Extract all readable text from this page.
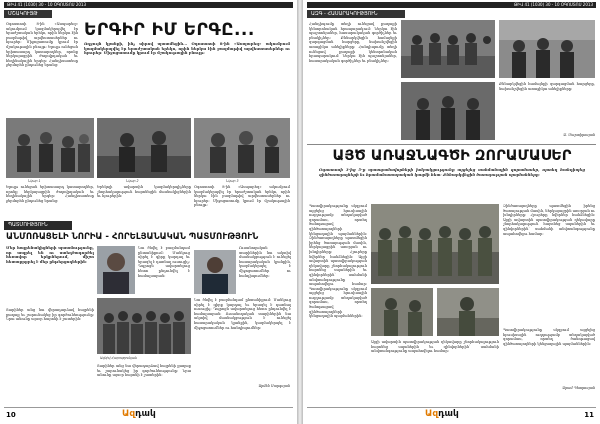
ԹԻՎ 41 (1030) 30 - 10 ՕԳՈՍՏՈՍ 2013
ՄՇԱԿՈՒՅԹ
Օգոստոսի 8-ին «Ասպարեզ» ակումբում կազմակերպվել էր երաժշտական երեկո, որին ներկա էին բազմաթիվ արվեստասերներ ու հյուրեր։ Միջոցառումը կրում էր մշակութային բնույթ։ Ելույթ ունեցան երիտասարդ կատարողներ, որոնք ներկայացրին ժողովրդական եւ հեղինակային երգեր։ Հանդիսատեսը ջերմորեն ընդունեց նրանց։
ԵՐԳԻՐ ԻՄ ԵՐԳԸ...
Ողջույն կյանքի, ինչ սիրով պատմեցին... Օգոստոսի 8-ին «Ասպարեզ» ակումբում կազմակերպվել էր երաժշտական երեկո, որին ներկա էին բազմաթիվ արվեստասերներ ու հյուրեր։ Միջոցառումը կրում էր մշակութային բնույթ։
Նկար 1	Նկար 2	Նկար 3
Ելույթ ունեցան երիտասարդ կատարողներ, որոնք ներկայացրին ժողովրդական եւ հեղինակային երգեր։ Հանդիսատեսը ջերմորեն ընդունեց նրանց։
Երեկոյի ավարտին կազմակերպիչները շնորհակալություն հայտնեցին մասնակիցներին եւ հյուրերին։
Օգոստոսի 8-ին «Ասպարեզ» ակումբում կազմակերպվել էր երաժշտական երեկո, որին ներկա էին բազմաթիվ արվեստասերներ ու հյուրեր։ Միջոցառումը կրում էր մշակութային բնույթ։
ՊԱՏՄՈՒԹՅՈՒՆ
ԱՆՄՈՌԱՑԵԼԻ ՆՈՐԻԱ - ՀՈՐԵԼՅԱՆԱԿԱՆ ՊԱՏՄՈՒԹՅՈՒՆ
Մեր հայրենակիցների պատմությունը, որ ապրել են ու ստեղծագործել հեռավոր երկրներում, միշտ հետաքրքրել է մեր ընթերցողներին։
Նա ծնվել է բազմանդամ ընտանիքում։ Մանկուց սիրել է գիրք կարդալ եւ երազել է դառնալ ուսուցիչ։ Դպրոցն ավարտելուց հետո ընդունվել է համալսարան։
Ուսանողական տարիներին նա ակտիվ մասնակցություն է ունեցել հասարակական կյանքին, կազմակերպել է միջոցառումներ ու հանդիպումներ։
Ազնիվ Հարությունյան
Տարիներ անց նա վերադարձավ հայրենի քաղաք եւ շարունակեց իր գործունեությունը։ Նրա անունը այսօր հայտնի է շատերին։
Նա ծնվել է բազմանդամ ընտանիքում։ Մանկուց սիրել է գիրք կարդալ եւ երազել է դառնալ ուսուցիչ։ Դպրոցն ավարտելուց հետո ընդունվել է համալսարան։ Ուսանողական տարիներին նա ակտիվ մասնակցություն է ունեցել հասարակական կյանքին, կազմակերպել է միջոցառումներ ու հանդիպումներ։
Տարիներ անց նա վերադարձավ հայրենի քաղաք եւ շարունակեց իր գործունեությունը։ Նրա անունը այսօր հայտնի է շատերին։
Արմեն Սարգսյան
10	Ազդակ
ԹԻՎ 41 (1030) 30 - 10 ՕԳՈՍՏՈՍ 2013
ԱԶԳ - ՀԱՍԱՐԱԿՈՒԹՅՈՒՆ
Հանդիպումը տեղի ունեցավ քաղաքի կենտրոնական հրապարակում։ Ներկա էին պաշտոնյաներ, հասարակական գործիչներ եւ բնակիչներ։	Քննարկվեցին համայնքի զարգացման հարցերը, նախանշվեցին առաջիկա անելիքները։ Հանդիպումը տեղի ունեցավ քաղաքի կենտրոնական հրապարակում։ Ներկա էին պաշտոնյաներ, հասարակական գործիչներ եւ բնակիչներ։
Քննարկվեցին համայնքի զարգացման հարցերը, նախանշվեցին առաջիկա անելիքները։
Ա. Մարտիրոսյան
ԱՅԾ ԱՌԱՋՆԱԳԾԻ ԶՈՐԱՄԱՍԵՐ
Օգոստոսի 3-ից 5-ը պատգամավորների խմբակցությունը այցելեց սահմանային զորամասեր, որտեղ հանդիպեց զինծառայողների եւ հրամանատարական կազմի հետ։ Քննարկվեցին ծառայության պայմանները։
Պատվիրակությունը սկզբում այցելեց հյուսիսային ուղղությամբ տեղակայված զորամաս, որտեղ ծանոթացավ զինծառայողների կենցաղային պայմաններին։ Զինծառայողները պատմեցին իրենց ծառայության մասին, ներկայացրին առօրյան ու խնդիրները։ Հյուրերը նվերներ հանձնեցին։ Այցի ավարտին պատվիրակության ղեկավարը շնորհակալություն հայտնեց սպաներին եւ զինվորներին՝ սահմանի անվտանգությունը ապահովելու համար։ Պատվիրակությունը սկզբում այցելեց հյուսիսային ուղղությամբ տեղակայված զորամաս, որտեղ ծանոթացավ զինծառայողների կենցաղային պայմաններին։
Զինծառայողները պատմեցին իրենց ծառայության մասին, ներկայացրին առօրյան ու խնդիրները։ Հյուրերը նվերներ հանձնեցին։ Այցի ավարտին պատվիրակության ղեկավարը շնորհակալություն հայտնեց սպաներին եւ զինվորներին՝ սահմանի անվտանգությունը ապահովելու համար։
Այցի ավարտին պատվիրակության ղեկավարը շնորհակալություն հայտնեց սպաներին եւ զինվորներին՝ սահմանի անվտանգությունը ապահովելու համար։
Պատվիրակությունը սկզբում այցելեց հյուսիսային ուղղությամբ տեղակայված զորամաս, որտեղ ծանոթացավ զինծառայողների կենցաղային պայմաններին։
Արամ Պետրոսյան
Ազդակ	11
